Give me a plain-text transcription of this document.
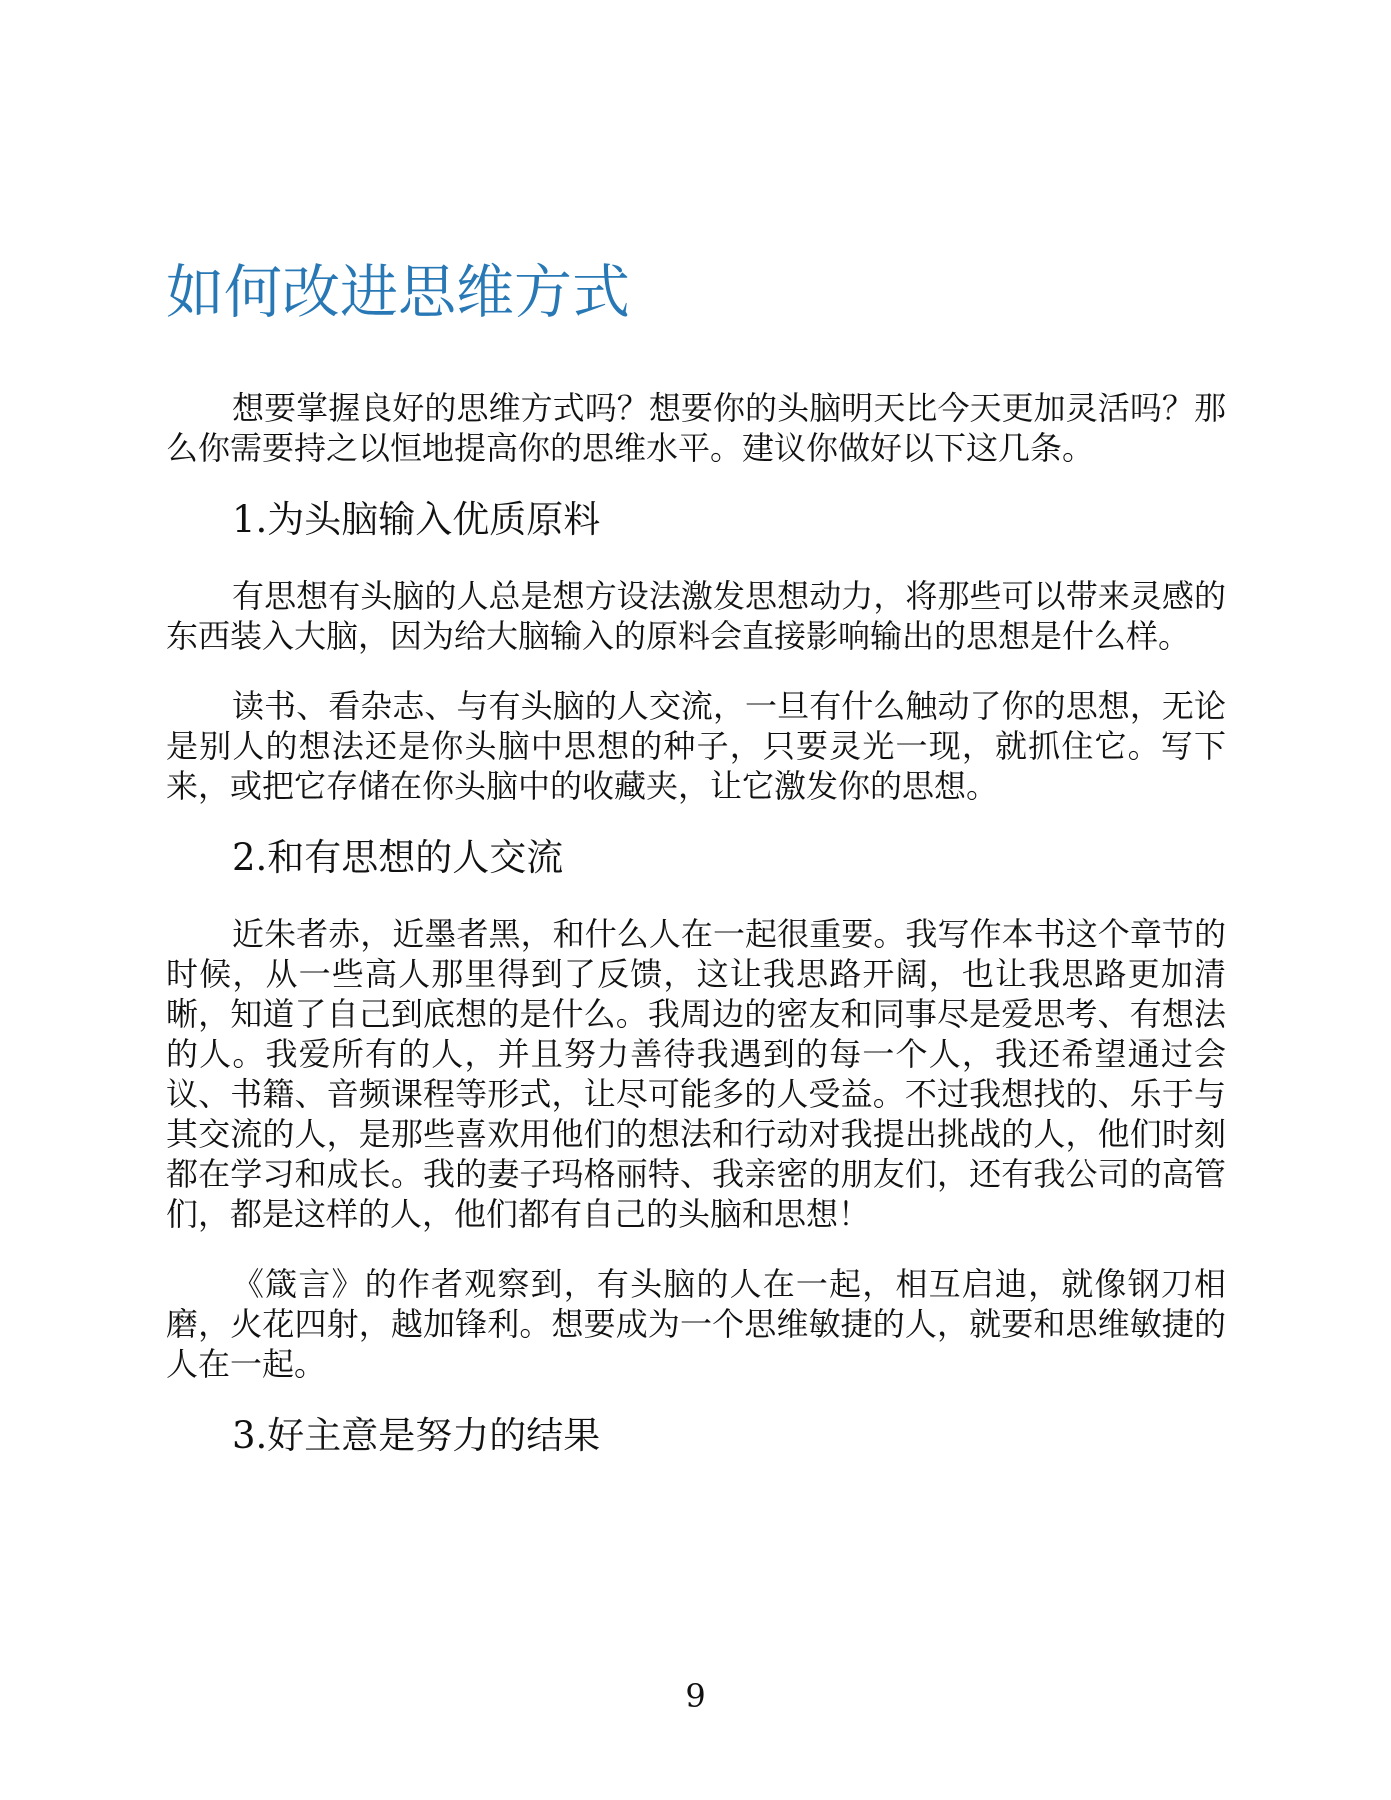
如何改进思维方式

想要掌握良好的思维方式吗？想要你的头脑明天比今天更加灵活吗？那么你需要持之以恒地提高你的思维水平。建议你做好以下这几条。

1.为头脑输入优质原料

有思想有头脑的人总是想方设法激发思想动力，将那些可以带来灵感的东西装入大脑，因为给大脑输入的原料会直接影响输出的思想是什么样。

读书、看杂志、与有头脑的人交流，一旦有什么触动了你的思想，无论是别人的想法还是你头脑中思想的种子，只要灵光一现，就抓住它。写下来，或把它存储在你头脑中的收藏夹，让它激发你的思想。

2.和有思想的人交流

近朱者赤，近墨者黑，和什么人在一起很重要。我写作本书这个章节的时候，从一些高人那里得到了反馈，这让我思路开阔，也让我思路更加清晰，知道了自己到底想的是什么。我周边的密友和同事尽是爱思考、有想法的人。我爱所有的人，并且努力善待我遇到的每一个人，我还希望通过会议、书籍、音频课程等形式，让尽可能多的人受益。不过我想找的、乐于与其交流的人，是那些喜欢用他们的想法和行动对我提出挑战的人，他们时刻都在学习和成长。我的妻子玛格丽特、我亲密的朋友们，还有我公司的高管们，都是这样的人，他们都有自己的头脑和思想！

《箴言》的作者观察到，有头脑的人在一起，相互启迪，就像钢刀相磨，火花四射，越加锋利。想要成为一个思维敏捷的人，就要和思维敏捷的人在一起。

3.好主意是努力的结果
9
